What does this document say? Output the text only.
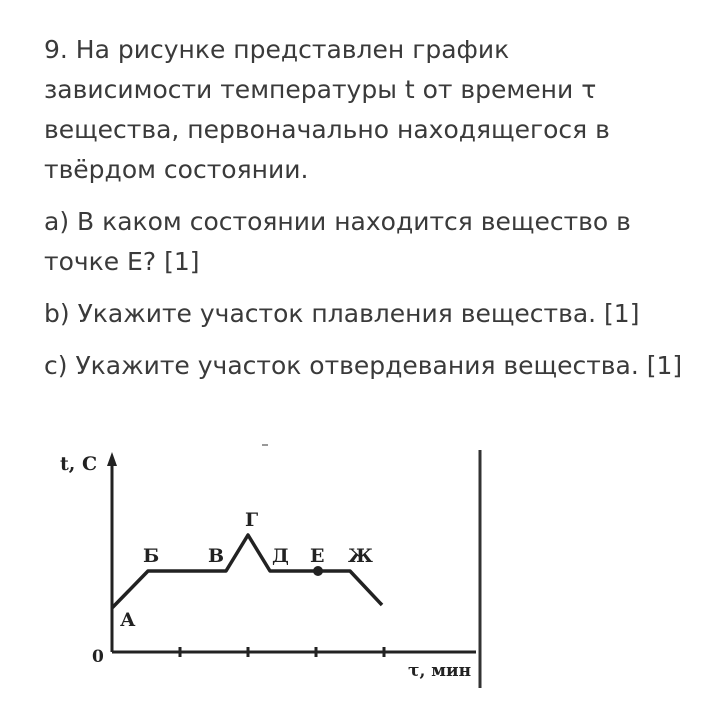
9. На рисунке представлен график зависимости температуры t от времени τ вещества, первоначально находящегося в твёрдом состоянии.

a) В каком состоянии находится вещество в точке E? [1]

b) Укажите участок плавления вещества. [1]

c) Укажите участок отвердевания вещества. [1]

t, С
0
τ, мин
А
Б	В
Г
Д Е Ж
